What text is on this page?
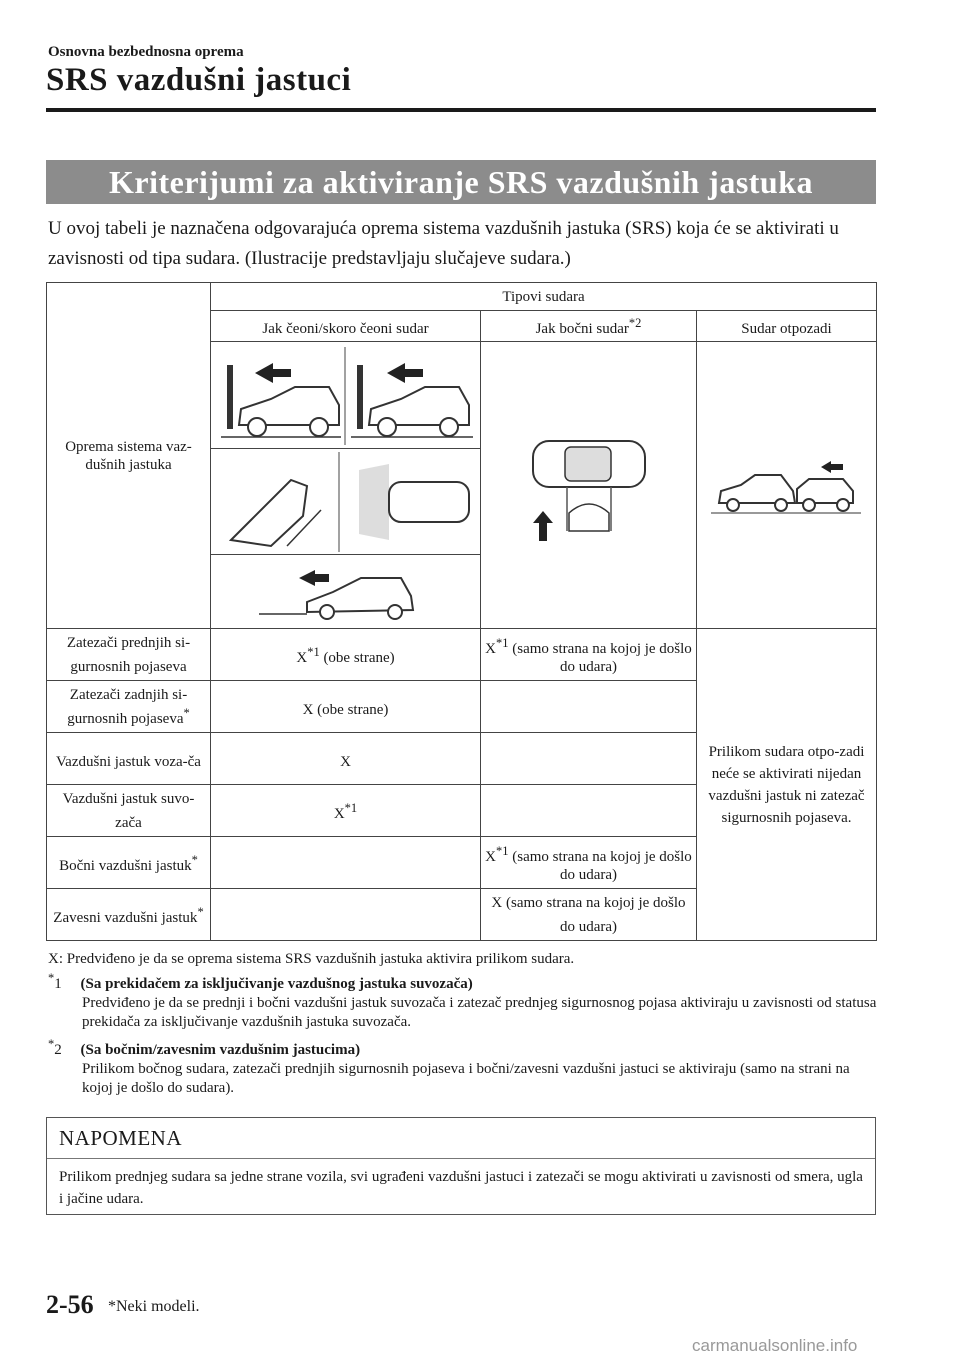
Osnovna bezbednosna oprema
SRS vazdušni jastuci
Kriterijumi za aktiviranje SRS vazdušnih jastuka
U ovoj tabeli je naznačena odgovarajuća oprema sistema vazdušnih jastuka (SRS) koja će se aktivirati u zavisnosti od tipa sudara. (Ilustracije predstavljaju slučajeve sudara.)
Oprema sistema vaz-dušnih jastuka	Tipovi sudara		
	Jak čeoni/skoro čeoni sudar	Jak bočni sudar$^{*2}$	Sudar otpozadi

Zatezači prednjih si-gurnosnih pojaseva	$X^{*1}$ (obe strane)	$X^{*1}$ (samo strana na kojoj je došlo do udara)	Prilikom sudara otpo-zadi neće se aktivirati nijedan vazdušni jastuk ni zatezač sigurnosnih pojaseva.
Zatezači zadnjih si-gurnosnih pojaseva*	X (obe strane)		
Vazdušni jastuk voza-ča	X		
Vazdušni jastuk suvo-zača	$X^{*1}$	
Bočni vazdušni jastuk*		$X^{*1}$ (samo strana na kojoj je došlo do udara)	
Zavesni vazdušni jastuk*		X (samo strana na kojoj je došlo do udara)	
X: Predviđeno je da se oprema sistema SRS vazdušnih jastuka aktivira prilikom sudara.
*1 (Sa prekidačem za isključivanje vazdušnog jastuka suvozača)
Predviđeno je da se prednji i bočni vazdušni jastuk suvozača i zatezač prednjeg sigurnosnog pojasa aktiviraju u zavisnosti od statusa prekidača za isključivanje vazdušnih jastuka suvozača.
*2 (Sa bočnim/zavesnim vazdušnim jastucima)
Prilikom bočnog sudara, zatezači prednjih sigurnosnih pojaseva i bočni/zavesni vazdušni jastuci se aktiviraju (samo na strani na kojoj je došlo do sudara).
NAPOMENA
Prilikom prednjeg sudara sa jedne strane vozila, svi ugrađeni vazdušni jastuci i zatezači se mogu aktivirati u zavisnosti od smera, ugla i jačine udara.
2-56 *Neki modeli.
carmanualsonline.info
